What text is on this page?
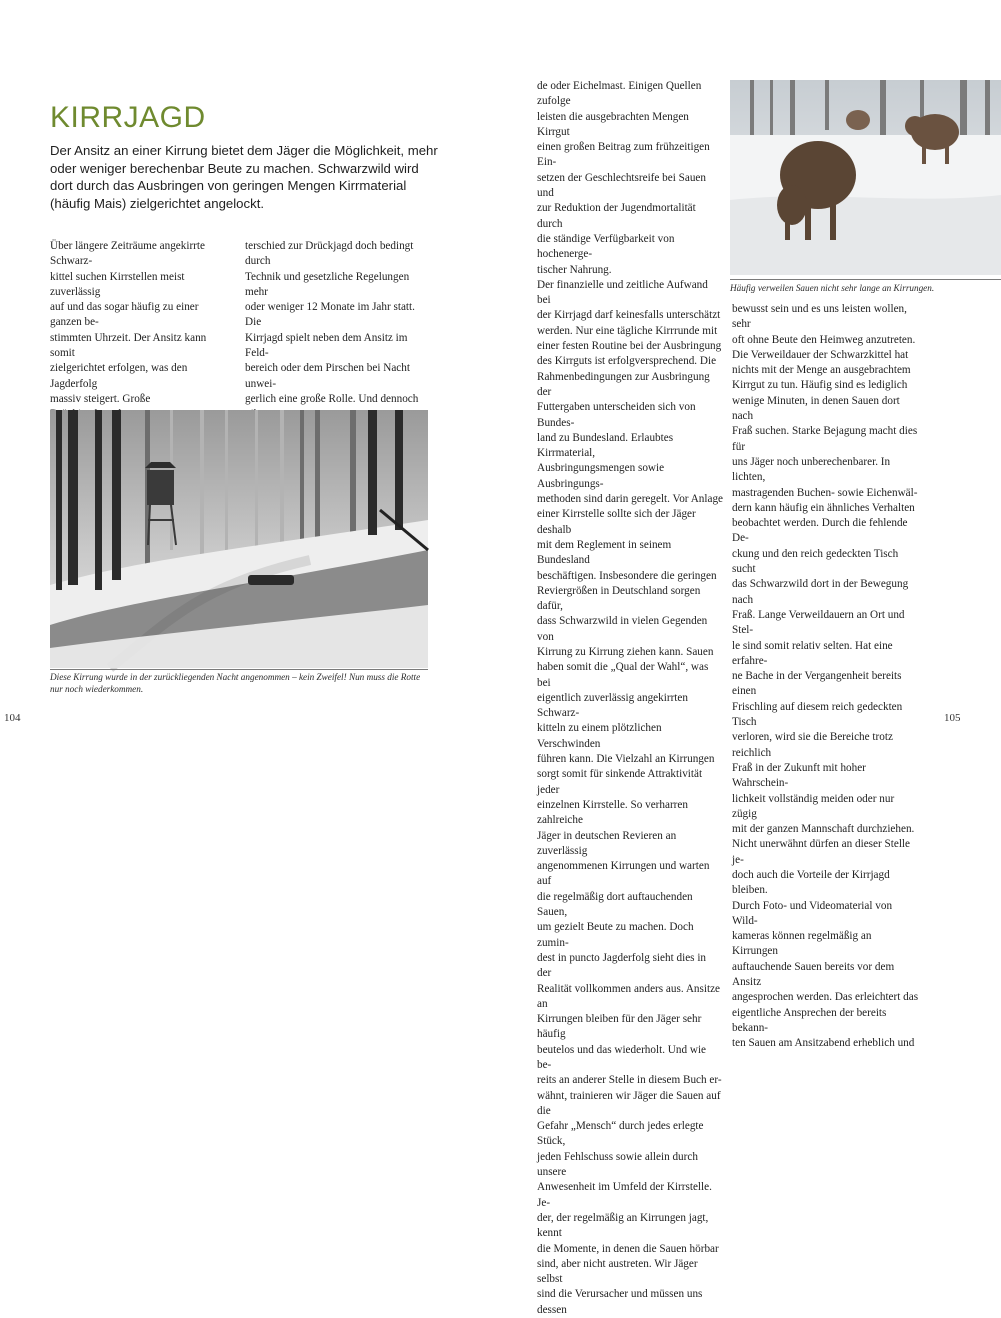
KIRRJAGD

Der Ansitz an einer Kirrung bietet dem Jäger die Möglichkeit, mehr oder weniger berechenbar Beute zu machen. Schwarzwild wird dort durch das Ausbringen von geringen Mengen Kirrmaterial (häufig Mais) zielgerichtet angelockt.

Über längere Zeiträume angekirrte Schwarz-
kittel suchen Kirrstellen meist zuverlässig
auf und das sogar häufig zu einer ganzen be-
stimmten Uhrzeit. Der Ansitz kann somit
zielgerichtet erfolgen, was den Jagderfolg
massiv steigert. Große

terschied zur Drückjagd doch bedingt durch
Technik und gesetzliche Regelungen mehr
oder weniger 12 Monate im Jahr statt. Die
Kirrjagd spielt neben dem Ansitz im Feld-
bereich oder dem Pirschen bei Nacht unwei-
gerlich eine große Rolle. Und dennoch

Diese Kirrung wurde in der zurückliegenden Nacht angenommen – kein Zweifel! Nun muss die Rotte nur noch wiederkommen.

104

de oder Eichelmast. Einigen Quellen zufolge
leisten die ausgebrachten Mengen Kirrgut
einen großen Beitrag zum frühzeitigen Ein-
setzen der Geschlechtsreife bei Sauen und
zur Reduktion der Jugendmortalität durch
die ständige Verfügbarkeit von hochenerge-
tischer Nahrung.
Der finanzielle und zeitliche Aufwand bei
der Kirrjagd darf keinesfalls unterschätzt
werden. Nur eine tägliche Kirrrunde mit
einer festen Routine bei der Ausbringung
des Kirrguts ist erfolgversprechend. Die
Rahmenbedingungen zur Ausbringung der
Futtergaben unterscheiden sich von Bundes-
land zu Bundesland. Erlaubtes Kirrmaterial,
Ausbringungsmengen sowie Ausbringungs-
methoden sind darin geregelt. Vor Anlage
einer Kirrstelle sollte sich der Jäger deshalb
mit dem Reglement in seinem Bundesland
beschäftigen. Insbesondere die geringen
Reviergrößen in Deutschland sorgen dafür,
dass Schwarzwild in vielen Gegenden von
Kirrung zu Kirrung ziehen kann. Sauen
haben somit die „Qual der Wahl“, was bei
eigentlich zuverlässig angekirrten Schwarz-
kitteln zu einem plötzlichen Verschwinden
führen kann. Die Vielzahl an Kirrungen
sorgt somit für sinkende Attraktivität jeder
einzelnen Kirrstelle. So verharren zahlreiche
Jäger in deutschen Revieren an zuverlässig
angenommenen Kirrungen und warten auf
die regelmäßig dort auftauchenden Sauen,
um gezielt Beute zu machen. Doch zumin-
dest in puncto Jagderfolg sieht dies in der
Realität vollkommen anders aus. Ansitze an
Kirrungen bleiben für den Jäger sehr häufig
beutelos und das wiederholt. Und wie be-
reits an anderer Stelle in diesem Buch er-
wähnt, trainieren wir Jäger die Sauen auf die
Gefahr „Mensch“ durch jedes erlegte Stück,
jeden Fehlschuss sowie allein durch unsere
Anwesenheit im Umfeld der Kirrstelle. Je-
der, der regelmäßig an Kirrungen jagt, kennt
die Momente, in denen die Sauen hörbar
sind, aber nicht austreten. Wir Jäger selbst
sind die Verursacher und müssen uns dessen

bewusst sein und es uns leisten wollen, sehr
oft ohne Beute den Heimweg anzutreten.
Die Verweildauer der Schwarzkittel hat
nichts mit der Menge an ausgebrachtem
Kirrgut zu tun. Häufig sind es lediglich
wenige Minuten, in denen Sauen dort nach
Fraß suchen. Starke Bejagung macht dies für
uns Jäger noch unberechenbarer. In lichten,
mastragenden Buchen- sowie Eichenwäl-
dern kann häufig ein ähnliches Verhalten
beobachtet werden. Durch die fehlende De-
ckung und den reich gedeckten Tisch sucht
das Schwarzwild dort in der Bewegung nach
Fraß. Lange Verweildauern an Ort und Stel-
le sind somit relativ selten. Hat eine erfahre-
ne Bache in der Vergangenheit bereits einen
Frischling auf diesem reich gedeckten Tisch
verloren, wird sie die Bereiche trotz reichlich
Fraß in der Zukunft mit hoher Wahrschein-
lichkeit vollständig meiden oder nur zügig
mit der ganzen Mannschaft durchziehen.
Nicht unerwähnt dürfen an dieser Stelle je-
doch auch die Vorteile der Kirrjagd bleiben.
Durch Foto- und Videomaterial von Wild-
kameras können regelmäßig an Kirrungen
auftauchende Sauen bereits vor dem Ansitz
angesprochen werden. Das erleichtert das
eigentliche Ansprechen der bereits bekann-
ten Sauen am Ansitzabend erheblich und

Häufig verweilen Sauen nicht sehr lange an Kirrungen.

105
